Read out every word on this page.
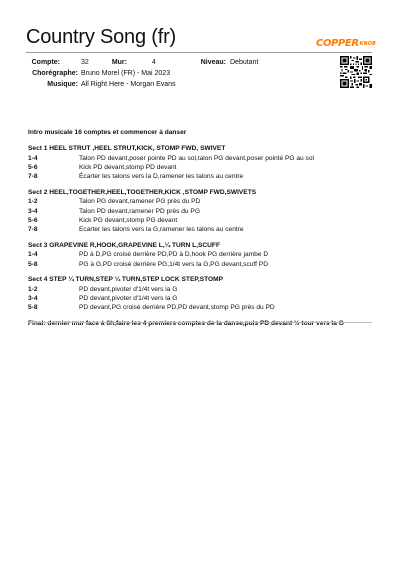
Country Song (fr)	$COPPER^{KNOB}$
Compte:	32	Mur:	4	Niveau: Debutant
Chorégraphe: Bruno Morel (FR) - Mai 2023
Musique: All Right Here - Morgan Evans
Intro musicale 16 comptes et commencer à danser
Sect 1 HEEL STRUT ,HEEL STRUT,KICK, STOMP FWD, SWIVET
1-4	Talon PD devant,poser pointe PD au sol,talon PG devant,poser pointé PG au sol
5-6	Kick PD devant,stomp PD devant
7-8	Écarter les talons vers la D,ramener les talons au centre
Sect 2 HEEL,TOGETHER,HEEL,TOGETHER,KICK ,STOMP FWD,SWIVETS
1-2	Talon PG devant,ramener PG près du PD
3-4	Talon PD devant,ramener PD près du PG
5-6	Kick PG devant,stomp PG devant
7-8	Ecarter les talons vers la G,ramener les talons au centre
Sect 3 GRAPEVINE R,HOOK,GRAPEVINE L,¼ TURN L,SCUFF
1-4	PD à D,PG croisé derrière PD,PD à D,hook PG derrière jambe D
5-8	PG à G,PD croisé derrière PG,1/4t vers la G,PG devant,scuff PD
Sect 4 STEP ¼ TURN,STEP ¼ TURN,STEP LOCK STEP,STOMP
1-2	PD devant,pivoter d'1/4t vers la G
3-4	PD devant,pivoter d'1/4t vers la G
5-8	PD devant,PG croisé derrière PD,PD devant,stomp PG près du PD
Final: dernier mur face à 6h,faire les 4 premiers comptes de la danse,puis PD devant ½ tour vers la G
